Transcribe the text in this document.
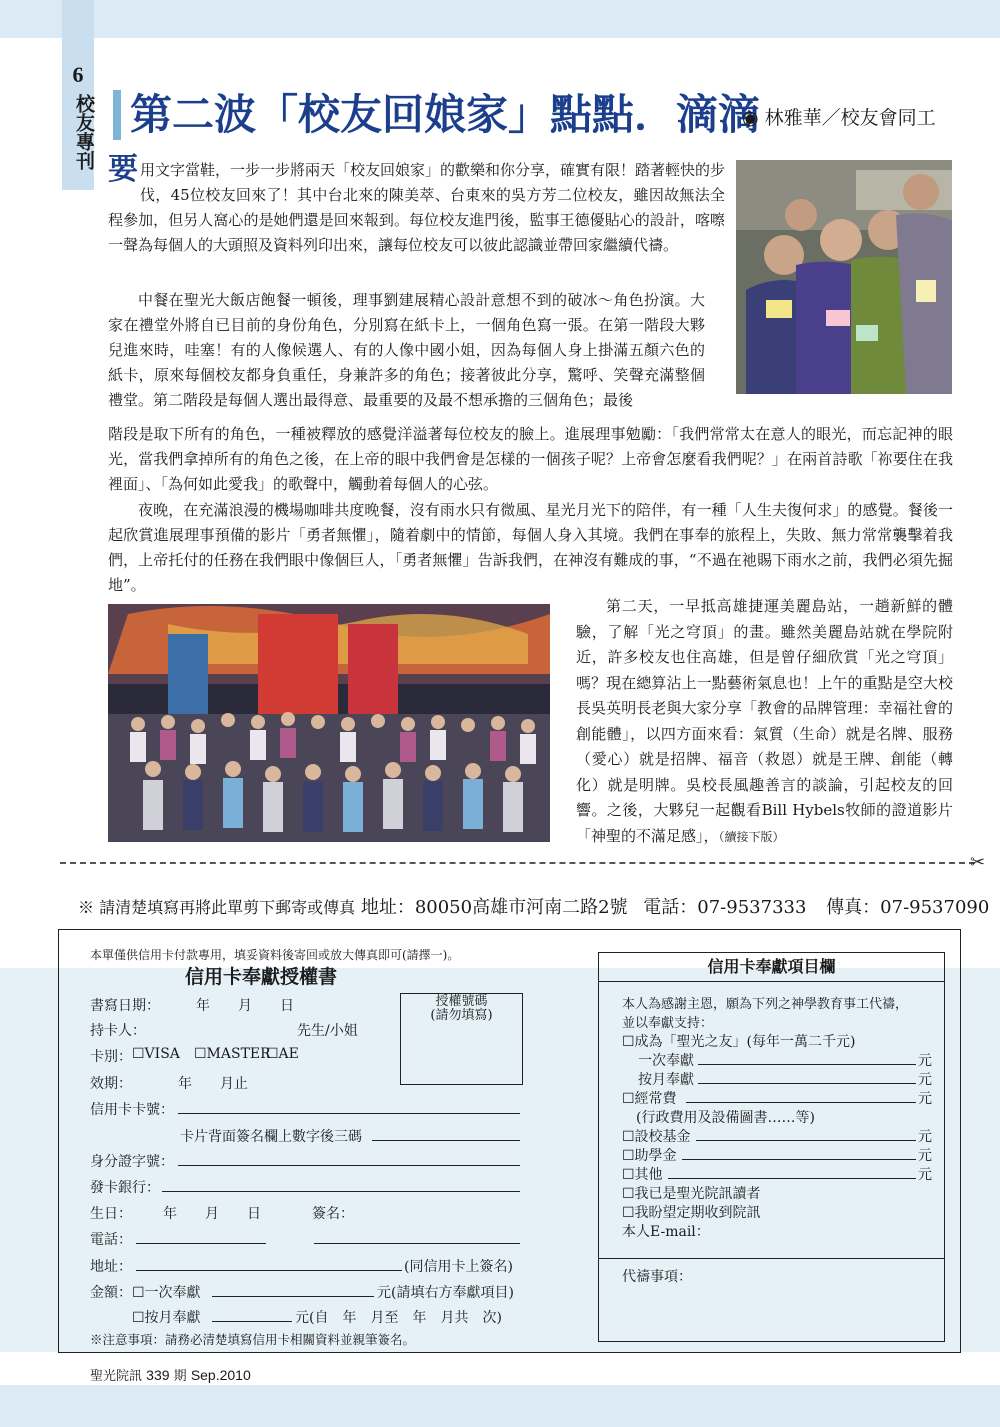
6
校友專刊 第二波「校友回娘家」點點．滴滴
◉ 林雅華／校友會同工
要用文字當鞋，一步一步將兩天「校友回娘家」的歡樂和你分享，確實有限！踏著輕快的步伐，45位校友回來了！其中台北來的陳美萃、台東來的吳方芳二位校友，雖因故無法全程參加，但另人窩心的是她們還是回來報到。每位校友進門後，監事王德優貼心的設計，喀嚓一聲為每個人的大頭照及資料列印出來，讓每位校友可以彼此認識並帶回家繼續代禱。
中餐在聖光大飯店飽餐一頓後，理事劉建展精心設計意想不到的破冰～角色扮演。大家在禮堂外將自已目前的身份角色，分別寫在紙卡上，一個角色寫一張。在第一階段大夥兒進來時，哇塞！有的人像候選人、有的人像中國小姐，因為每個人身上掛滿五顏六色的紙卡，原來每個校友都身負重任，身兼許多的角色；接著彼此分享，驚呼、笑聲充滿整個禮堂。第二階段是每個人選出最得意、最重要的及最不想承擔的三個角色；最後
階段是取下所有的角色，一種被釋放的感覺洋溢著每位校友的臉上。進展理事勉勵：「我們常常太在意人的眼光，而忘記神的眼光，當我們拿掉所有的角色之後，在上帝的眼中我們會是怎樣的一個孩子呢？上帝會怎麼看我們呢？」在兩首詩歌「祢要住在我裡面」、「為何如此愛我」的歌聲中，觸動着每個人的心弦。
夜晚，在充滿浪漫的機場咖啡共度晚餐，沒有雨水只有微風、星光月光下的陪伴，有一種「人生夫復何求」的感覺。餐後一起欣賞進展理事預備的影片「勇者無懼」，隨着劇中的情節，每個人身入其境。我們在事奉的旅程上，失敗、無力常常襲擊着我們，上帝托付的任務在我們眼中像個巨人，「勇者無懼」告訴我們，在神沒有難成的事，“不過在祂賜下雨水之前，我們必須先掘地”。
第二天，一早抵高雄捷運美麗島站，一趟新鮮的體驗，了解「光之穹頂」的畫。雖然美麗島站就在學院附近，許多校友也住高雄，但是曾仔細欣賞「光之穹頂」嗎？現在總算沾上一點藝術氣息也！上午的重點是空大校長吳英明長老與大家分享「教會的品牌管理：幸福社會的創能體」，以四方面來看：氣質（生命）就是名牌、服務（愛心）就是招牌、福音（救恩）就是王牌、創能（轉化）就是明牌。吳校長風趣善言的談論，引起校友的回響。之後，大夥兒一起觀看Bill Hybels牧師的證道影片「神聖的不滿足感」，（續接下版）
✂
※ 請清楚填寫再將此單剪下郵寄或傳真 地址：80050高雄市河南二路2號 電話：07-9537333 傳真：07-9537090
本單僅供信用卡付款專用，填妥資料後寄回或放大傳真即可(請擇一)。
信用卡奉獻授權書
書寫日期：	年　　月　　日
持卡人：	先生/小姐
授權號碼
(請勿填寫)
卡別： ☐VISA ☐MASTER
☐AE
效期：	年　　月止
信用卡卡號：
卡片背面簽名欄上數字後三碼
身分證字號：
發卡銀行：
生日： 年　　月　　日	簽名：
電話：
地址：	(同信用卡上簽名)
金額： ☐一次奉獻	元(請填右方奉獻項目)
☐按月奉獻	元(自　年　月至　年　月共　次)
※注意事項：請務必清楚填寫信用卡相關資料並親筆簽名。
信用卡奉獻項目欄
本人為感謝主恩，願為下列之神學教育事工代禱，
並以奉獻支持：
☐成為「聖光之友」(每年一萬二千元)
一次奉獻	元
按月奉獻	元
☐經常費	元
(行政費用及設備圖書……等)
☐設校基金	元
☐助學金	元
☐其他	元
☐我已是聖光院訊讀者
☐我盼望定期收到院訊
本人E-mail：
代禱事項：
聖光院訊 339 期 Sep.2010
